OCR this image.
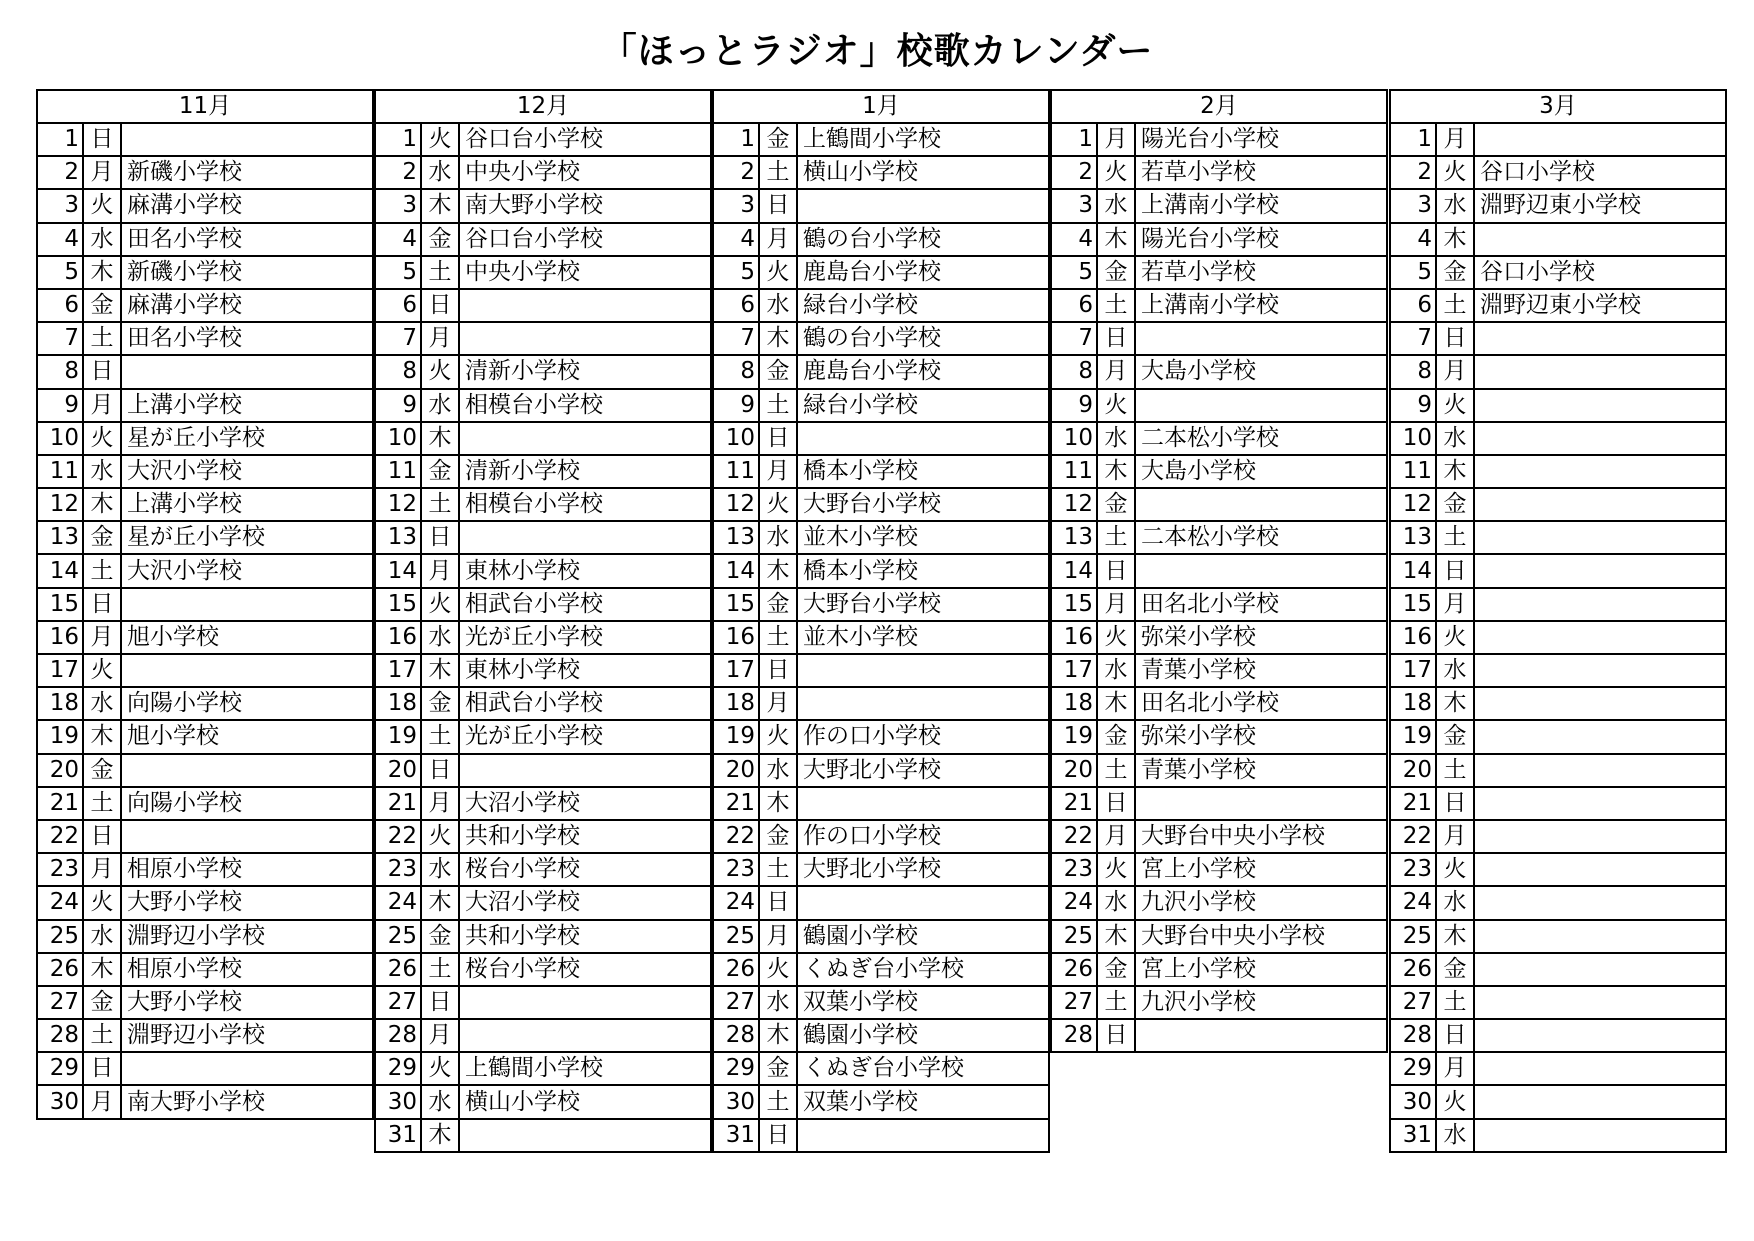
「ほっとラジオ」校歌カレンダー
11月		
1	日	
2	月	新磯小学校
3	火	麻溝小学校
4	水	田名小学校
5	木	新磯小学校
6	金	麻溝小学校
7	土	田名小学校
8	日	
9	月	上溝小学校
10	火	星が丘小学校
11	水	大沢小学校
12	木	上溝小学校
13	金	星が丘小学校
14	土	大沢小学校
15	日	
16	月	旭小学校
17	火	
18	水	向陽小学校
19	木	旭小学校
20	金	
21	土	向陽小学校
22	日	
23	月	相原小学校
24	火	大野小学校
25	水	淵野辺小学校
26	木	相原小学校
27	金	大野小学校
28	土	淵野辺小学校
29	日	
30	月	南大野小学校
12月		
1	火	谷口台小学校
2	水	中央小学校
3	木	南大野小学校
4	金	谷口台小学校
5	土	中央小学校
6	日	
7	月	
8	火	清新小学校
9	水	相模台小学校
10	木	
11	金	清新小学校
12	土	相模台小学校
13	日	
14	月	東林小学校
15	火	相武台小学校
16	水	光が丘小学校
17	木	東林小学校
18	金	相武台小学校
19	土	光が丘小学校
20	日	
21	月	大沼小学校
22	火	共和小学校
23	水	桜台小学校
24	木	大沼小学校
25	金	共和小学校
26	土	桜台小学校
27	日	
28	月	
29	火	上鶴間小学校
30	水	横山小学校
31	木	
1月		
1	金	上鶴間小学校
2	土	横山小学校
3	日	
4	月	鶴の台小学校
5	火	鹿島台小学校
6	水	緑台小学校
7	木	鶴の台小学校
8	金	鹿島台小学校
9	土	緑台小学校
10	日	
11	月	橋本小学校
12	火	大野台小学校
13	水	並木小学校
14	木	橋本小学校
15	金	大野台小学校
16	土	並木小学校
17	日	
18	月	
19	火	作の口小学校
20	水	大野北小学校
21	木	
22	金	作の口小学校
23	土	大野北小学校
24	日	
25	月	鶴園小学校
26	火	くぬぎ台小学校
27	水	双葉小学校
28	木	鶴園小学校
29	金	くぬぎ台小学校
30	土	双葉小学校
31	日	
2月		
1	月	陽光台小学校
2	火	若草小学校
3	水	上溝南小学校
4	木	陽光台小学校
5	金	若草小学校
6	土	上溝南小学校
7	日	
8	月	大島小学校
9	火	
10	水	二本松小学校
11	木	大島小学校
12	金	
13	土	二本松小学校
14	日	
15	月	田名北小学校
16	火	弥栄小学校
17	水	青葉小学校
18	木	田名北小学校
19	金	弥栄小学校
20	土	青葉小学校
21	日	
22	月	大野台中央小学校
23	火	宮上小学校
24	水	九沢小学校
25	木	大野台中央小学校
26	金	宮上小学校
27	土	九沢小学校
28	日	
3月		
1	月	
2	火	谷口小学校
3	水	淵野辺東小学校
4	木	
5	金	谷口小学校
6	土	淵野辺東小学校
7	日	
8	月	
9	火	
10	水	
11	木	
12	金	
13	土	
14	日	
15	月	
16	火	
17	水	
18	木	
19	金	
20	土	
21	日	
22	月	
23	火	
24	水	
25	木	
26	金	
27	土	
28	日	
29	月	
30	火	
31	水	
